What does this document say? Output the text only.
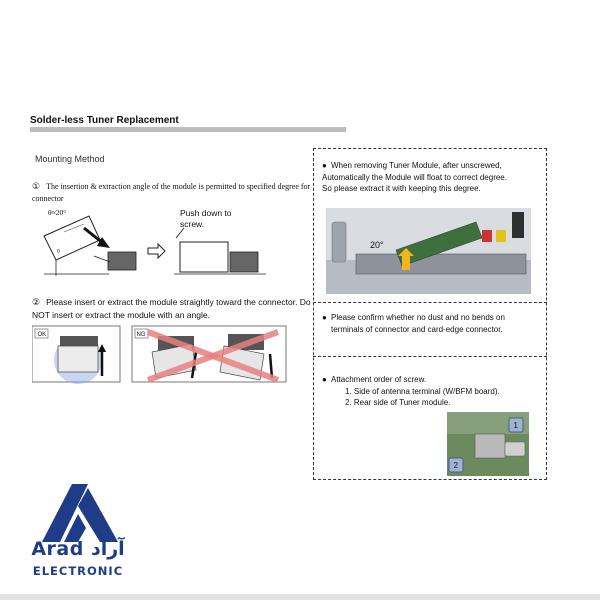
Solder-less Tuner Replacement
Mounting Method
① The insertion & extraction angle of the module is permitted to specified degree for connector
θ
θ≈20°	Push down to
screw.
② Please insert or extract the module straightly toward the connector. Do NOT insert or extract the module with an angle.
OK	NG
● When removing Tuner Module, after unscrewed,
Automatically the Module will float to correct degree.
So please extract it with keeping this degree.
20°
● Please confirm whether no dust and no bends on
terminals of connector and card-edge connector.
● Attachment order of screw.
1. Side of antenna terminal (W/BFM board).
2. Rear side of Tuner module.
1
2
Arad آراد
ELECTRONIC
